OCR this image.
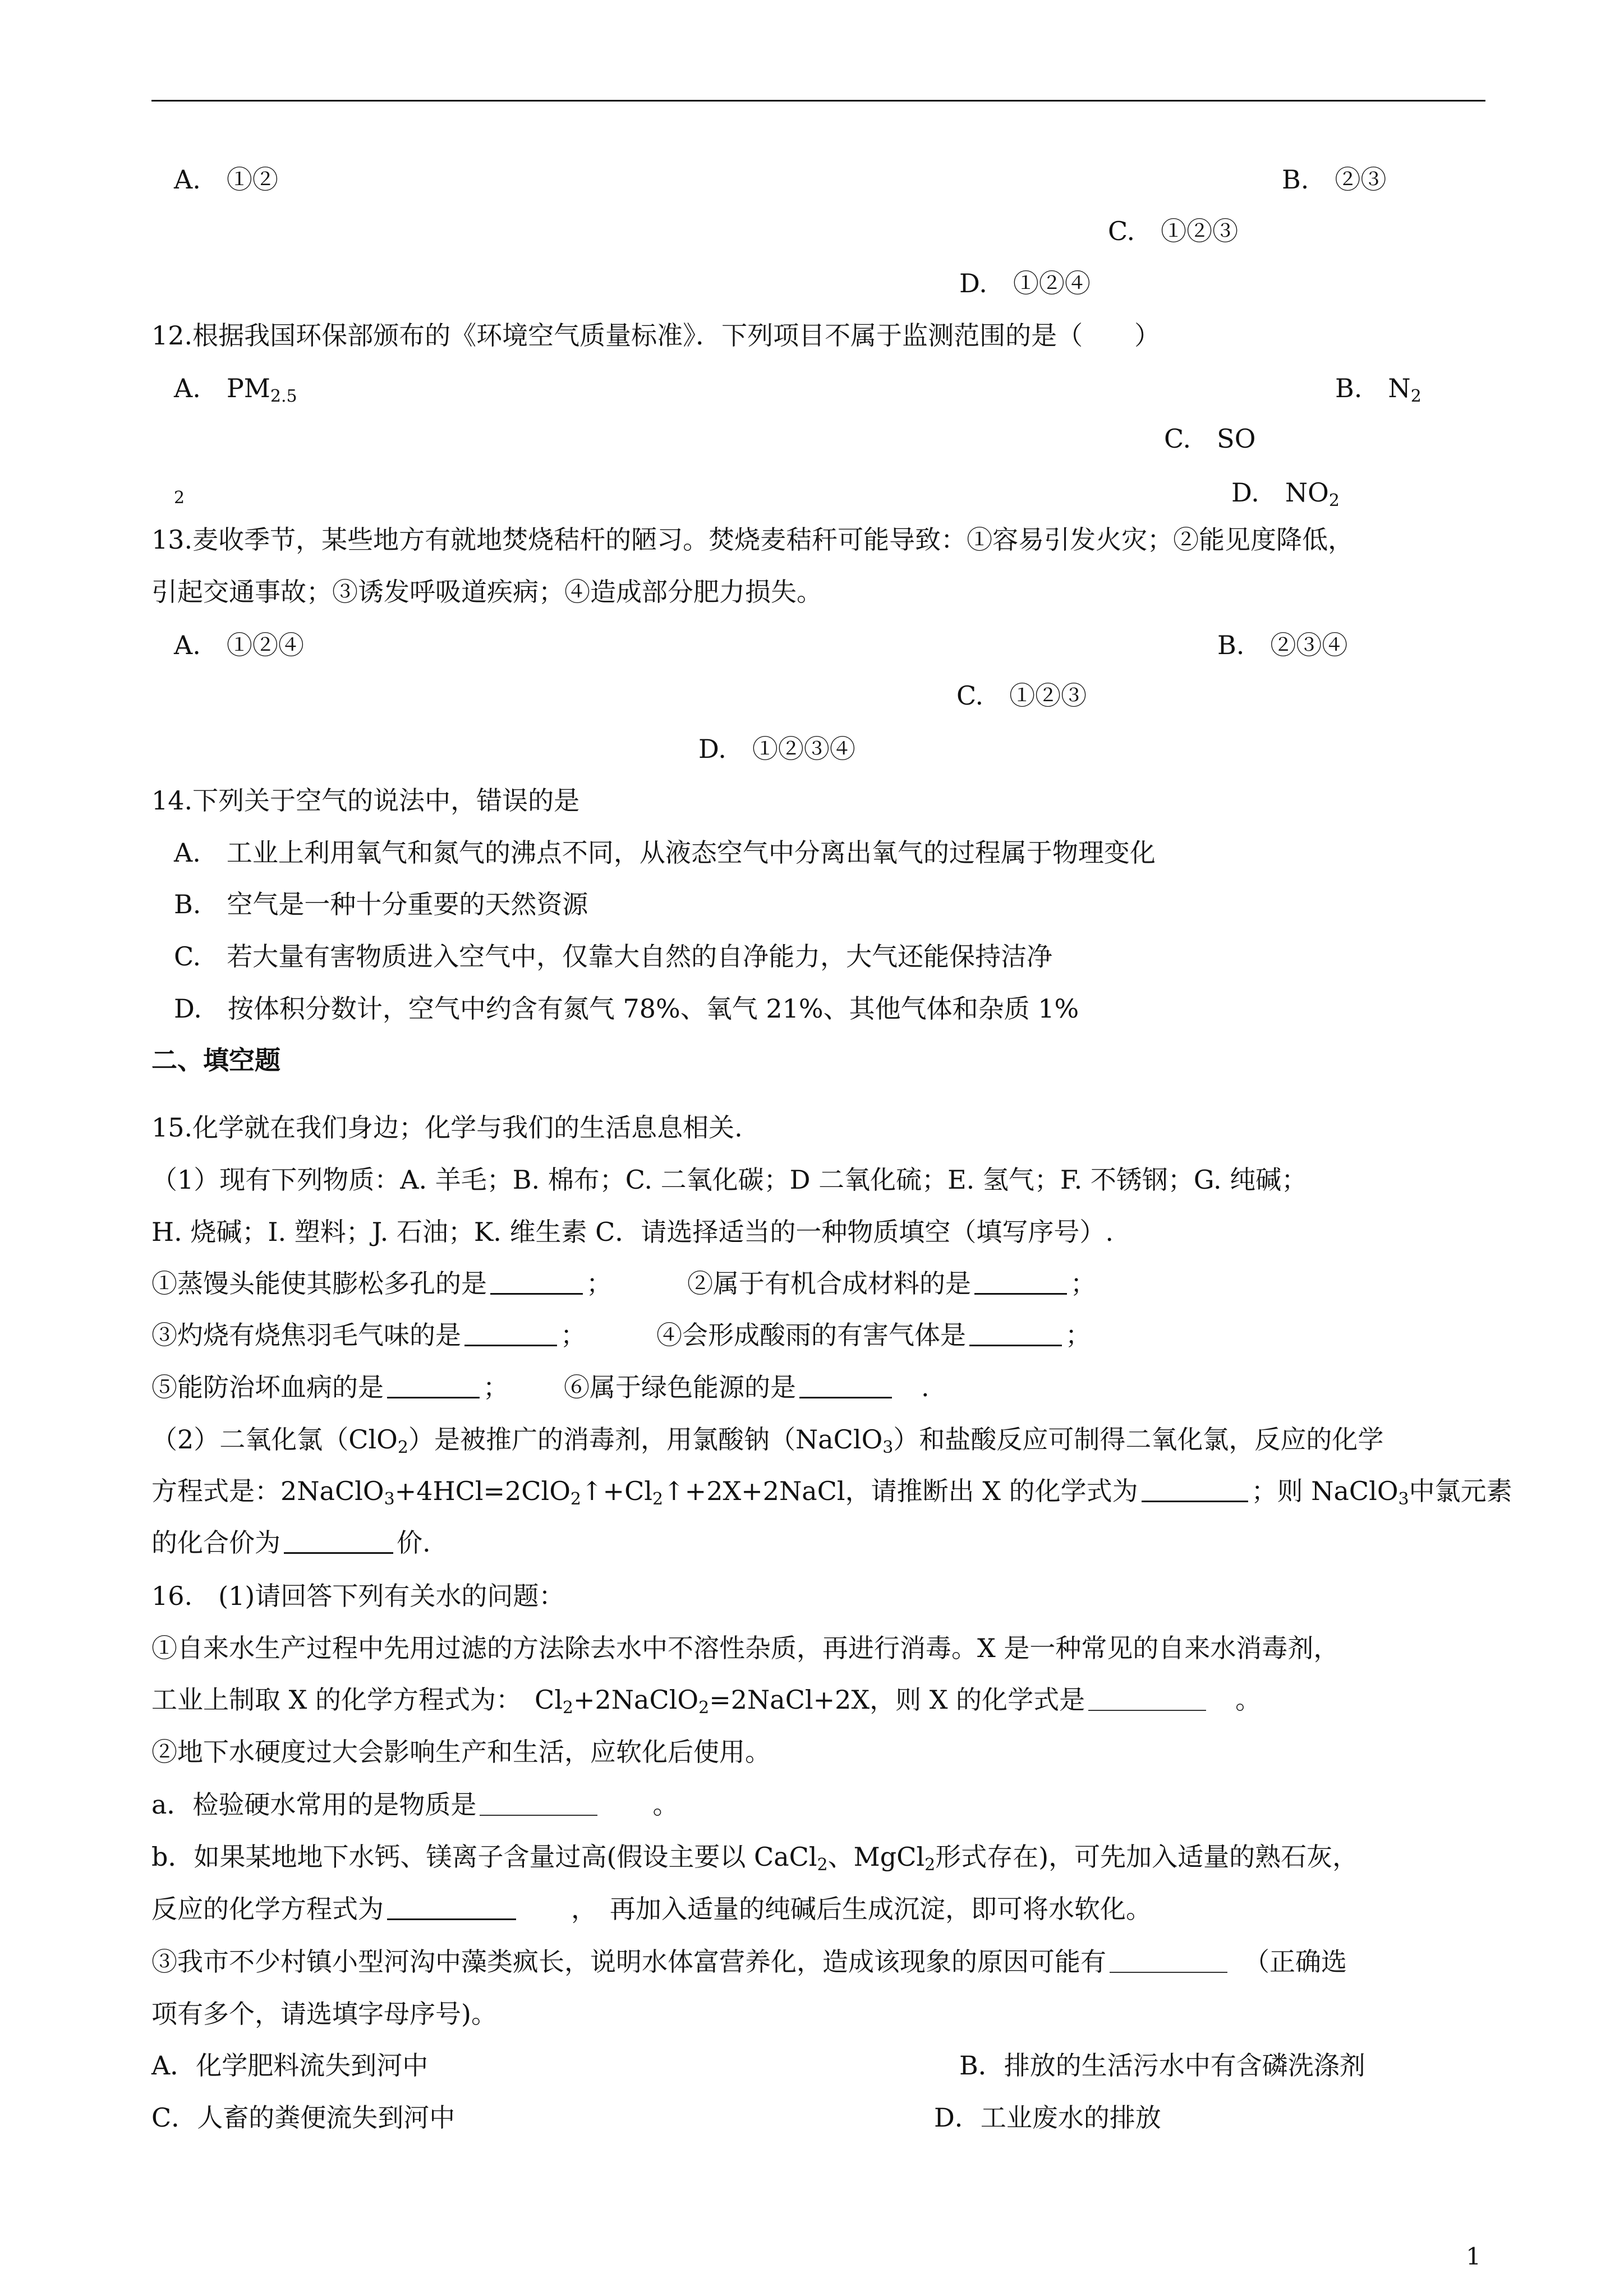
A.　①②	B.　②③
C.　①②③
D.　①②④
12.根据我国环保部颁布的《环境空气质量标准》．下列项目不属于监测范围的是（　　）
A.　$PM_{2.5}$	B.　$N_2$
C.　SO
2	D.　$NO_2$
13.麦收季节，某些地方有就地焚烧秸杆的陋习。焚烧麦秸秆可能导致：①容易引发火灾；②能见度降低，
引起交通事故；③诱发呼吸道疾病；④造成部分肥力损失。
A.　①②④	B.　②③④
C.　①②③
D.　①②③④
14.下列关于空气的说法中，错误的是
A.　工业上利用氧气和氮气的沸点不同，从液态空气中分离出氧气的过程属于物理变化
B.　空气是一种十分重要的天然资源
C.　若大量有害物质进入空气中，仅靠大自然的自净能力，大气还能保持洁净
D.　按体积分数计，空气中约含有氮气 78%、氧气 21%、其他气体和杂质 1%
二、填空题
15.化学就在我们身边；化学与我们的生活息息相关.
（1）现有下列物质：A. 羊毛；B. 棉布；C. 二氧化碳；D 二氧化硫；E. 氢气；F. 不锈钢；G. 纯碱；
H. 烧碱；I. 塑料；J. 石油；K. 维生素 C．请选择适当的一种物质填空（填写序号）.
①蒸馒头能使其膨松多孔的是	；	②属于有机合成材料的是	；
③灼烧有烧焦羽毛气味的是	；	④会形成酸雨的有害气体是	；
⑤能防治坏血病的是	； ⑥属于绿色能源的是	　.
（2）二氧化氯（ClO$_2$）是被推广的消毒剂，用氯酸钠（NaClO$_3$）和盐酸反应可制得二氧化氯，反应的化学
方程式是：$2NaClO_3+4HCl=2ClO_2↑+Cl_2↑+2X+2NaCl$，请推断出 X 的化学式为	；则 NaClO$_3$中氯元素
的化合价为	价.
16.　(1)请回答下列有关水的问题：
①自来水生产过程中先用过滤的方法除去水中不溶性杂质，再进行消毒。X 是一种常见的自来水消毒剂，
工业上制取 X 的化学方程式为：　$Cl_2+2NaClO_2=2NaCl+2X$，则 X 的化学式是　	。
②地下水硬度过大会影响生产和生活，应软化后使用。
a．检验硬水常用的是物质是　　	。
b．如果某地地下水钙、镁离子含量过高(假设主要以 CaCl$_2$、MgCl$_2$形式存在)，可先加入适量的熟石灰，
反应的化学方程式为　　	，　再加入适量的纯碱后生成沉淀，即可将水软化。
③我市不少村镇小型河沟中藻类疯长，说明水体富营养化，造成该现象的原因可能有　	（正确选
项有多个，请选填字母序号)。
A．化学肥料流失到河中	B．排放的生活污水中有含磷洗涤剂
C．人畜的粪便流失到河中	D．工业废水的排放
1
